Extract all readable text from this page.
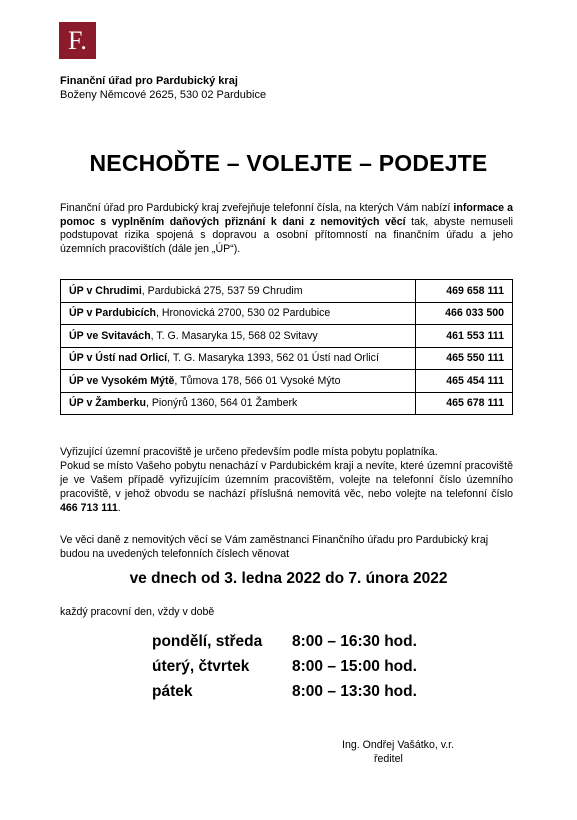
F.
Finanční úřad pro Pardubický kraj
Boženy Němcové 2625, 530 02 Pardubice
NECHOĎTE – VOLEJTE – PODEJTE
Finanční úřad pro Pardubický kraj zveřejňuje telefonní čísla, na kterých Vám nabízí informace a pomoc s vyplněním daňových přiznání k dani z nemovitých věcí tak, abyste nemuseli podstupovat rizika spojená s dopravou a osobní přítomností na finančním úřadu a jeho územních pracovištích (dále jen „ÚP“).
ÚP v Chrudimi, Pardubická 275, 537 59 Chrudim	469 658 111
ÚP v Pardubicích, Hronovická 2700, 530 02 Pardubice	466 033 500
ÚP ve Svitavách, T. G. Masaryka 15, 568 02 Svitavy	461 553 111
ÚP v Ústí nad Orlicí, T. G. Masaryka 1393, 562 01 Ústí nad Orlicí	465 550 111
ÚP ve Vysokém Mýtě, Tůmova 178, 566 01 Vysoké Mýto	465 454 111
ÚP v Žamberku, Pionýrů 1360, 564 01 Žamberk	465 678 111
Vyřizující územní pracoviště je určeno především podle místa pobytu poplatníka.
Pokud se místo Vašeho pobytu nenachází v Pardubickém kraji a nevíte, které územní pracoviště je ve Vašem případě vyřizujícím územním pracovištěm, volejte na telefonní číslo územního pracoviště, v jehož obvodu se nachází příslušná nemovitá věc, nebo volejte na telefonní číslo 466 713 111.
Ve věci daně z nemovitých věcí se Vám zaměstnanci Finančního úřadu pro Pardubický kraj budou na uvedených telefonních číslech věnovat
ve dnech od 3. ledna 2022 do 7. února 2022
každý pracovní den, vždy v době
pondělí, středa 8:00 – 16:30 hod.
úterý, čtvrtek	8:00 – 15:00 hod.
pátek	8:00 – 13:30 hod.
Ing. Ondřej Vašátko, v.r.
ředitel
